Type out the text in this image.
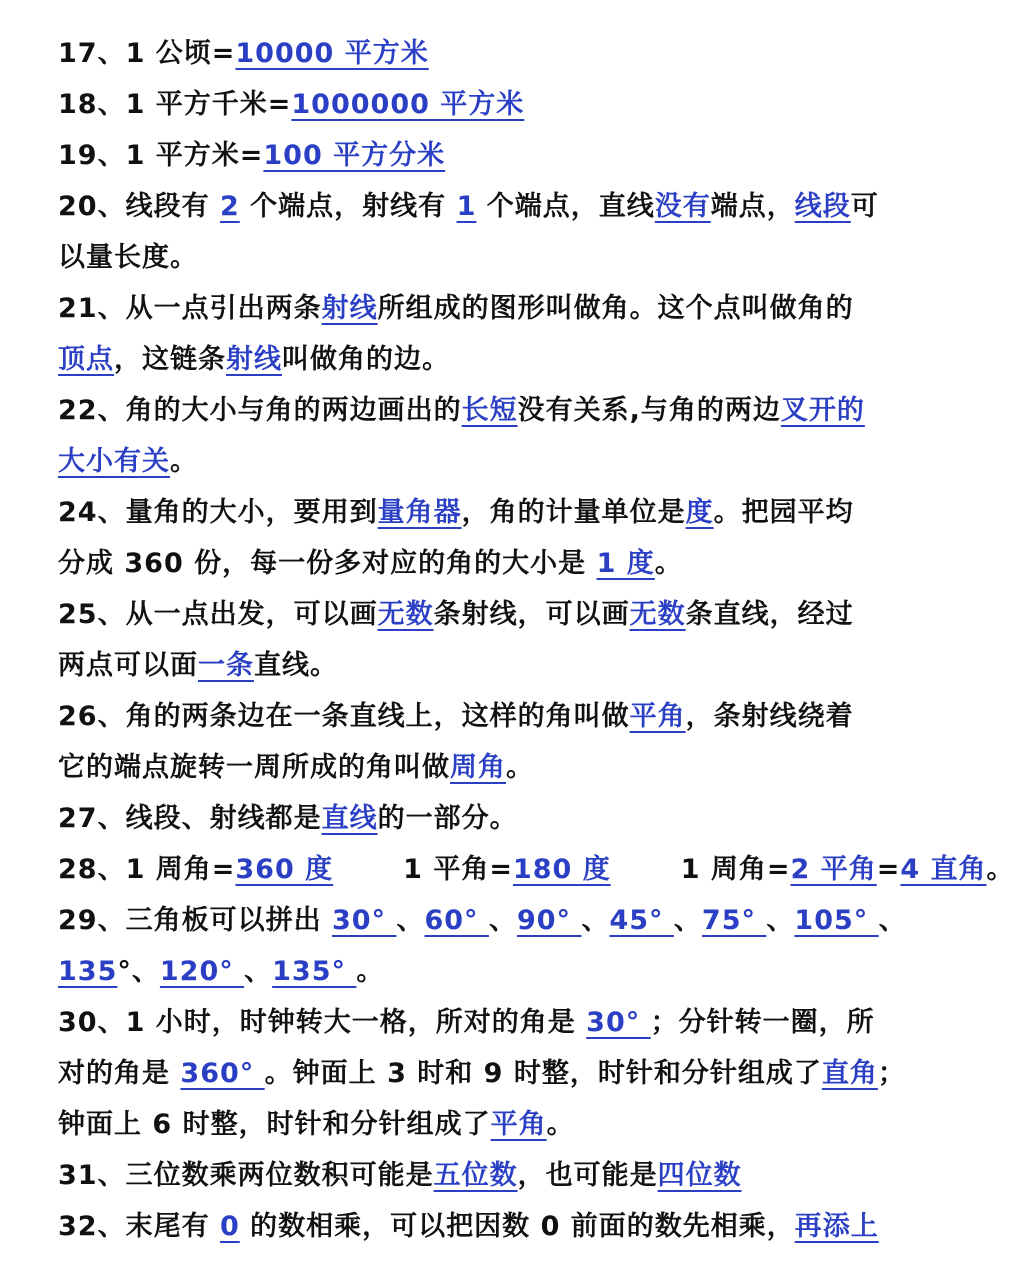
17、1 公顷=10000 平方米
18、1 平方千米=1000000 平方米
19、1 平方米=100 平方分米
20、线段有 2 个端点，射线有 1 个端点，直线没有端点，线段可
以量长度。
21、从一点引出两条射线所组成的图形叫做角。这个点叫做角的
顶点，这链条射线叫做角的边。
22、角的大小与角的两边画出的长短没有关系,与角的两边叉开的
大小有关。
24、量角的大小，要用到量角器，角的计量单位是度。把园平均
分成 360 份，每一份多对应的角的大小是 1 度。
25、从一点出发，可以画无数条射线，可以画无数条直线，经过
两点可以面一条直线。
26、角的两条边在一条直线上，这样的角叫做平角，条射线绕着
它的端点旋转一周所成的角叫做周角。
27、线段、射线都是直线的一部分。
28、1 周角=360 度	1 平角=180 度	1 周角=2 平角=4 直角。
29、三角板可以拼出 30° 、60° 、90° 、45° 、75° 、105° 、
135°、120° 、135° 。
30、1 小时，时钟转大一格，所对的角是 30° ；分针转一圈，所
对的角是 360° 。钟面上 3 时和 9 时整，时针和分针组成了直角；
钟面上 6 时整，时针和分针组成了平角。
31、三位数乘两位数积可能是五位数，也可能是四位数
32、末尾有 0 的数相乘，可以把因数 0 前面的数先相乘，再添上
